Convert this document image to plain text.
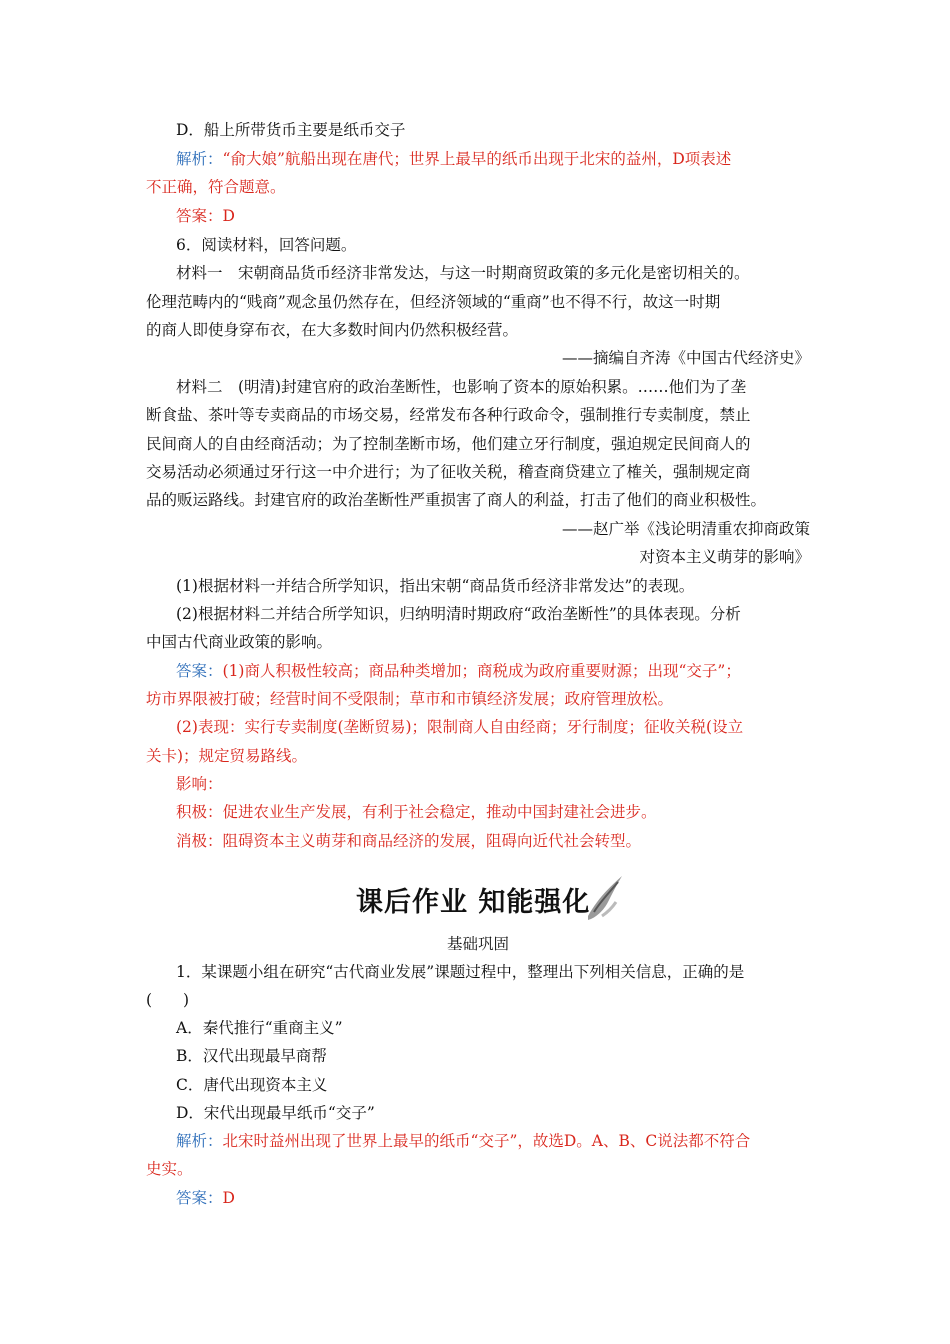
D．船上所带货币主要是纸币交子
解析：“俞大娘”航船出现在唐代；世界上最早的纸币出现于北宋的益州，D项表述
不正确，符合题意。
答案：D
6．阅读材料，回答问题。
材料一　宋朝商品货币经济非常发达，与这一时期商贸政策的多元化是密切相关的。
伦理范畴内的“贱商”观念虽仍然存在，但经济领域的“重商”也不得不行，故这一时期
的商人即使身穿布衣，在大多数时间内仍然积极经营。
——摘编自齐涛《中国古代经济史》
材料二　(明清)封建官府的政治垄断性，也影响了资本的原始积累。……他们为了垄
断食盐、茶叶等专卖商品的市场交易，经常发布各种行政命令，强制推行专卖制度，禁止
民间商人的自由经商活动；为了控制垄断市场，他们建立牙行制度，强迫规定民间商人的
交易活动必须通过牙行这一中介进行；为了征收关税，稽查商贷建立了榷关，强制规定商
品的贩运路线。封建官府的政治垄断性严重损害了商人的利益，打击了他们的商业积极性。
——赵广举《浅论明清重农抑商政策
对资本主义萌芽的影响》
(1)根据材料一并结合所学知识，指出宋朝“商品货币经济非常发达”的表现。
(2)根据材料二并结合所学知识，归纳明清时期政府“政治垄断性”的具体表现。分析
中国古代商业政策的影响。
答案：(1)商人积极性较高；商品种类增加；商税成为政府重要财源；出现“交子”；
坊市界限被打破；经营时间不受限制；草市和市镇经济发展；政府管理放松。
(2)表现：实行专卖制度(垄断贸易)；限制商人自由经商；牙行制度；征收关税(设立
关卡)；规定贸易路线。
影响：
积极：促进农业生产发展，有利于社会稳定，推动中国封建社会进步。
消极：阻碍资本主义萌芽和商品经济的发展，阻碍向近代社会转型。
课后作业 知能强化
基础巩固
1．某课题小组在研究“古代商业发展”课题过程中，整理出下列相关信息，正确的是
(　　)
A．秦代推行“重商主义”
B．汉代出现最早商帮
C．唐代出现资本主义
D．宋代出现最早纸币“交子”
解析：北宋时益州出现了世界上最早的纸币“交子”，故选D。A、B、C说法都不符合
史实。
答案：D
